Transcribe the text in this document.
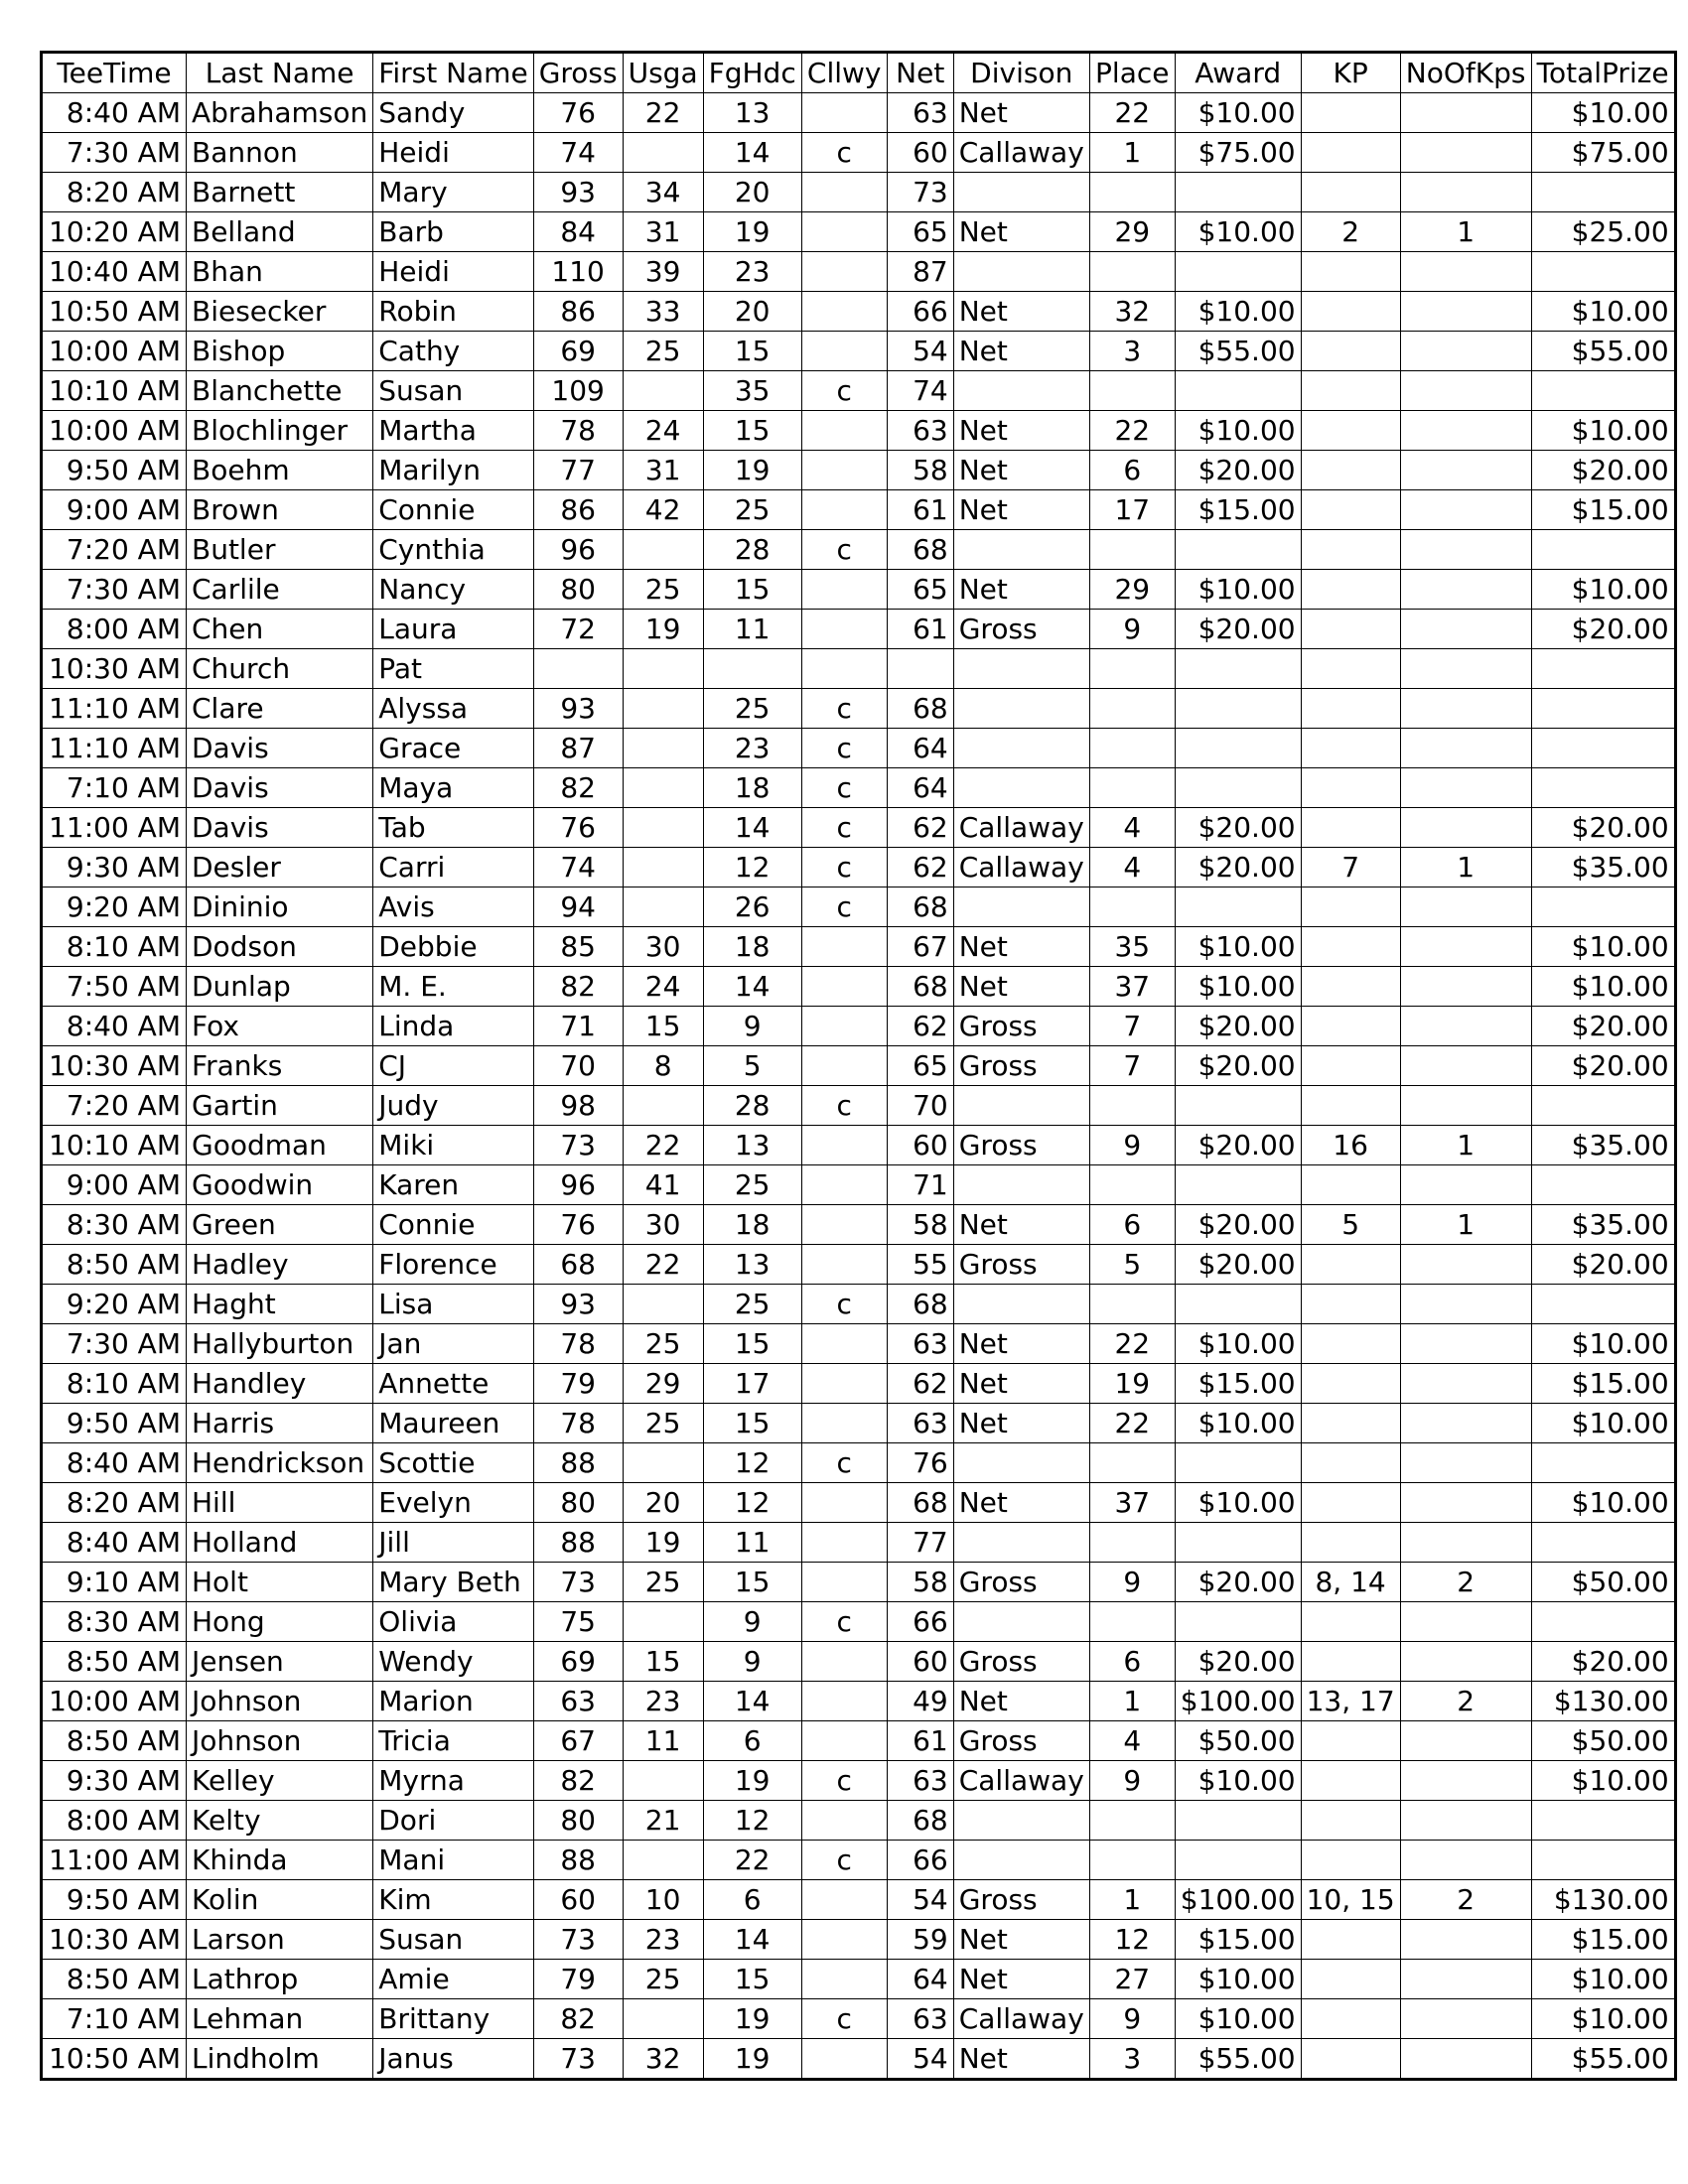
TeeTime	Last Name	First Name	Gross	Usga	FgHdc	Cllwy	Net	Divison	Place	Award	KP	NoOfKps	TotalPrize
8:40 AM	Abrahamson	Sandy	76	22	13		63	Net	22	$10.00			$10.00
7:30 AM	Bannon	Heidi	74		14	c	60	Callaway	1	$75.00			$75.00
8:20 AM	Barnett	Mary	93	34	20		73						
10:20 AM	Belland	Barb	84	31	19		65	Net	29	$10.00	2	1	$25.00
10:40 AM	Bhan	Heidi	110	39	23		87						
10:50 AM	Biesecker	Robin	86	33	20		66	Net	32	$10.00			$10.00
10:00 AM	Bishop	Cathy	69	25	15		54	Net	3	$55.00			$55.00
10:10 AM	Blanchette	Susan	109		35	c	74						
10:00 AM	Blochlinger	Martha	78	24	15		63	Net	22	$10.00			$10.00
9:50 AM	Boehm	Marilyn	77	31	19		58	Net	6	$20.00			$20.00
9:00 AM	Brown	Connie	86	42	25		61	Net	17	$15.00			$15.00
7:20 AM	Butler	Cynthia	96		28	c	68						
7:30 AM	Carlile	Nancy	80	25	15		65	Net	29	$10.00			$10.00
8:00 AM	Chen	Laura	72	19	11		61	Gross	9	$20.00			$20.00
10:30 AM	Church	Pat											
11:10 AM	Clare	Alyssa	93		25	c	68						
11:10 AM	Davis	Grace	87		23	c	64						
7:10 AM	Davis	Maya	82		18	c	64						
11:00 AM	Davis	Tab	76		14	c	62	Callaway	4	$20.00			$20.00
9:30 AM	Desler	Carri	74		12	c	62	Callaway	4	$20.00	7	1	$35.00
9:20 AM	Dininio	Avis	94		26	c	68						
8:10 AM	Dodson	Debbie	85	30	18		67	Net	35	$10.00			$10.00
7:50 AM	Dunlap	M. E.	82	24	14		68	Net	37	$10.00			$10.00
8:40 AM	Fox	Linda	71	15	9		62	Gross	7	$20.00			$20.00
10:30 AM	Franks	CJ	70	8	5		65	Gross	7	$20.00			$20.00
7:20 AM	Gartin	Judy	98		28	c	70						
10:10 AM	Goodman	Miki	73	22	13		60	Gross	9	$20.00	16	1	$35.00
9:00 AM	Goodwin	Karen	96	41	25		71						
8:30 AM	Green	Connie	76	30	18		58	Net	6	$20.00	5	1	$35.00
8:50 AM	Hadley	Florence	68	22	13		55	Gross	5	$20.00			$20.00
9:20 AM	Haght	Lisa	93		25	c	68						
7:30 AM	Hallyburton	Jan	78	25	15		63	Net	22	$10.00			$10.00
8:10 AM	Handley	Annette	79	29	17		62	Net	19	$15.00			$15.00
9:50 AM	Harris	Maureen	78	25	15		63	Net	22	$10.00			$10.00
8:40 AM	Hendrickson	Scottie	88		12	c	76						
8:20 AM	Hill	Evelyn	80	20	12		68	Net	37	$10.00			$10.00
8:40 AM	Holland	Jill	88	19	11		77						
9:10 AM	Holt	Mary Beth	73	25	15		58	Gross	9	$20.00	8, 14	2	$50.00
8:30 AM	Hong	Olivia	75		9	c	66						
8:50 AM	Jensen	Wendy	69	15	9		60	Gross	6	$20.00			$20.00
10:00 AM	Johnson	Marion	63	23	14		49	Net	1	$100.00	13, 17	2	$130.00
8:50 AM	Johnson	Tricia	67	11	6		61	Gross	4	$50.00			$50.00
9:30 AM	Kelley	Myrna	82		19	c	63	Callaway	9	$10.00			$10.00
8:00 AM	Kelty	Dori	80	21	12		68						
11:00 AM	Khinda	Mani	88		22	c	66						
9:50 AM	Kolin	Kim	60	10	6		54	Gross	1	$100.00	10, 15	2	$130.00
10:30 AM	Larson	Susan	73	23	14		59	Net	12	$15.00			$15.00
8:50 AM	Lathrop	Amie	79	25	15		64	Net	27	$10.00			$10.00
7:10 AM	Lehman	Brittany	82		19	c	63	Callaway	9	$10.00			$10.00
10:50 AM	Lindholm	Janus	73	32	19		54	Net	3	$55.00			$55.00
